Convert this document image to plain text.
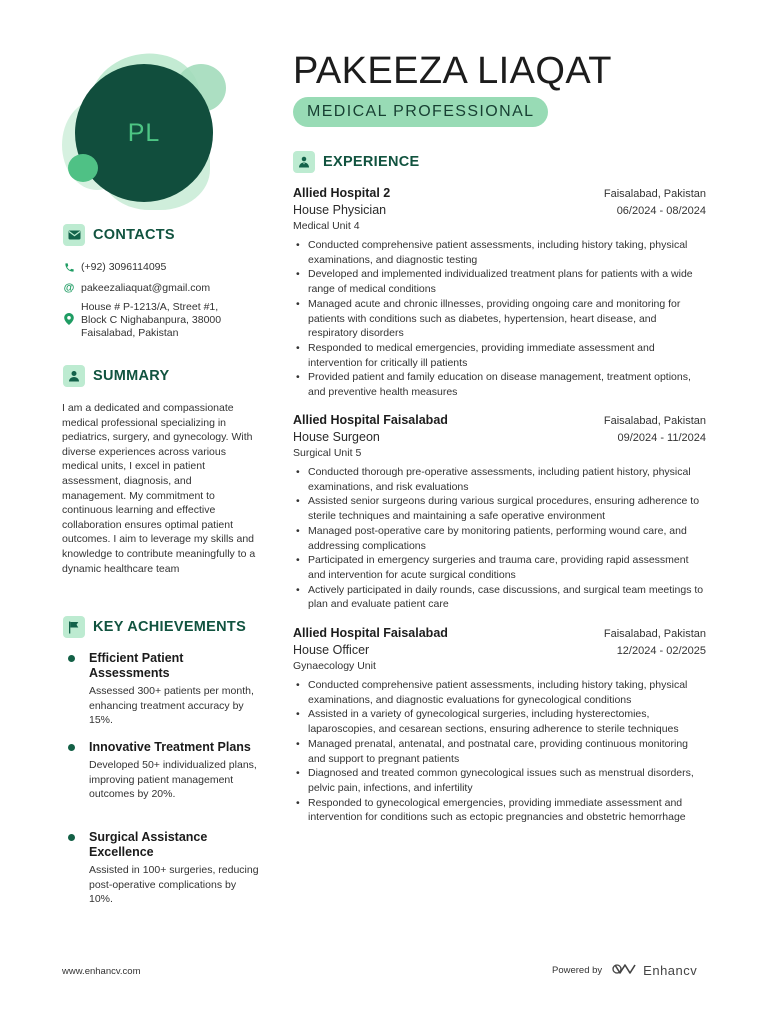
PL
PAKEEZA LIAQAT
MEDICAL PROFESSIONAL
CONTACTS
(+92) 3096114095
@ pakeezaliaquat@gmail.com
House # P-1213/A, Street #1,
Block C Nighabanpura, 38000
Faisalabad, Pakistan
SUMMARY
I am a dedicated and compassionate medical professional specializing in pediatrics, surgery, and gynecology. With diverse experiences across various medical units, I excel in patient assessment, diagnosis, and management. My commitment to continuous learning and effective collaboration ensures optimal patient outcomes. I aim to leverage my skills and knowledge to contribute meaningfully to a dynamic healthcare team
KEY ACHIEVEMENTS
Efficient Patient Assessments
Assessed 300+ patients per month, enhancing treatment accuracy by 15%.
Innovative Treatment Plans
Developed 50+ individualized plans, improving patient management outcomes by 20%.
Surgical Assistance Excellence
Assisted in 100+ surgeries, reducing post-operative complications by 10%.
EXPERIENCE
Allied Hospital 2	Faisalabad, Pakistan
House Physician	06/2024 - 08/2024
Medical Unit 4
• Conducted comprehensive patient assessments, including history taking, physical examinations, and diagnostic testing
• Developed and implemented individualized treatment plans for patients with a wide range of medical conditions
• Managed acute and chronic illnesses, providing ongoing care and monitoring for patients with conditions such as diabetes, hypertension, heart disease, and respiratory disorders
• Responded to medical emergencies, providing immediate assessment and intervention for critically ill patients
• Provided patient and family education on disease management, treatment options, and preventive health measures
Allied Hospital Faisalabad	Faisalabad, Pakistan
House Surgeon	09/2024 - 11/2024
Surgical Unit 5
• Conducted thorough pre-operative assessments, including patient history, physical examinations, and risk evaluations
• Assisted senior surgeons during various surgical procedures, ensuring adherence to sterile techniques and maintaining a safe operative environment
• Managed post-operative care by monitoring patients, performing wound care, and addressing complications
• Participated in emergency surgeries and trauma care, providing rapid assessment and intervention for acute surgical conditions
• Actively participated in daily rounds, case discussions, and surgical team meetings to plan and evaluate patient care
Allied Hospital Faisalabad	Faisalabad, Pakistan
House Officer	12/2024 - 02/2025
Gynaecology Unit
• Conducted comprehensive patient assessments, including history taking, physical examinations, and diagnostic evaluations for gynecological conditions
• Assisted in a variety of gynecological surgeries, including hysterectomies, laparoscopies, and cesarean sections, ensuring adherence to sterile techniques
• Managed prenatal, antenatal, and postnatal care, providing continuous monitoring and support to pregnant patients
• Diagnosed and treated common gynecological issues such as menstrual disorders, pelvic pain, infections, and infertility
• Responded to gynecological emergencies, providing immediate assessment and intervention for conditions such as ectopic pregnancies and obstetric hemorrhage
www.enhancv.com	Powered by	Enhancv
